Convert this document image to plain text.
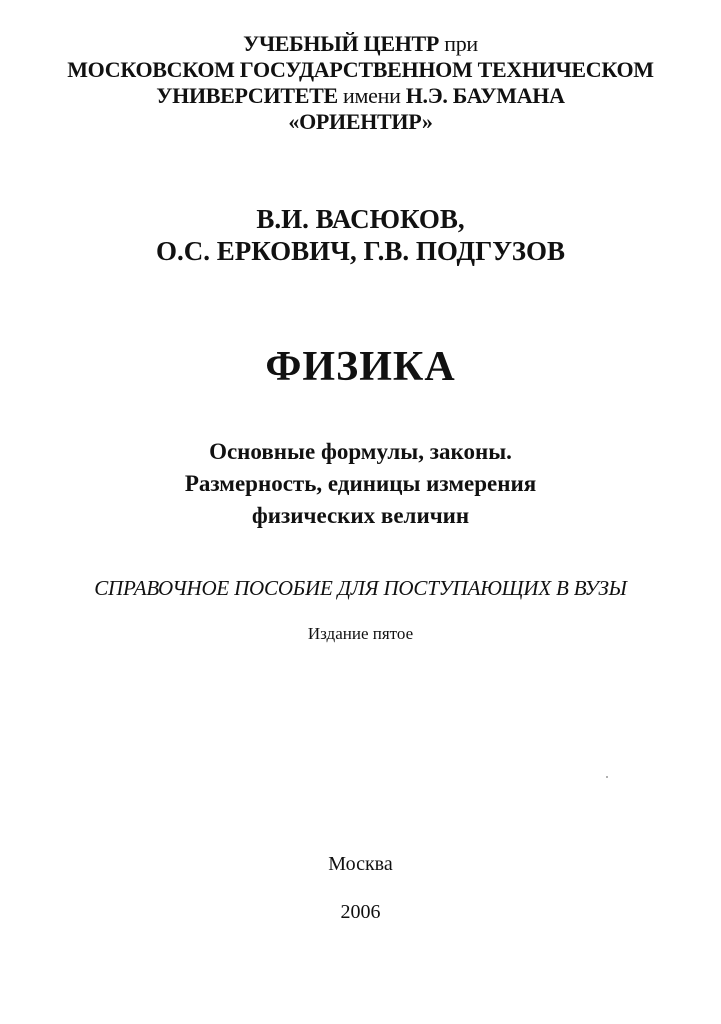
УЧЕБНЫЙ ЦЕНТР при
МОСКОВСКОМ ГОСУДАРСТВЕННОМ ТЕХНИЧЕСКОМ
УНИВЕРСИТЕТЕ имени Н.Э. БАУМАНА
«ОРИЕНТИР»
В.И. ВАСЮКОВ,
О.С. ЕРКОВИЧ, Г.В. ПОДГУЗОВ
ФИЗИКА
Основные формулы, законы.
Размерность, единицы измерения
физических величин
СПРАВОЧНОЕ ПОСОБИЕ ДЛЯ ПОСТУПАЮЩИХ В ВУЗЫ
Издание пятое
Москва
2006
